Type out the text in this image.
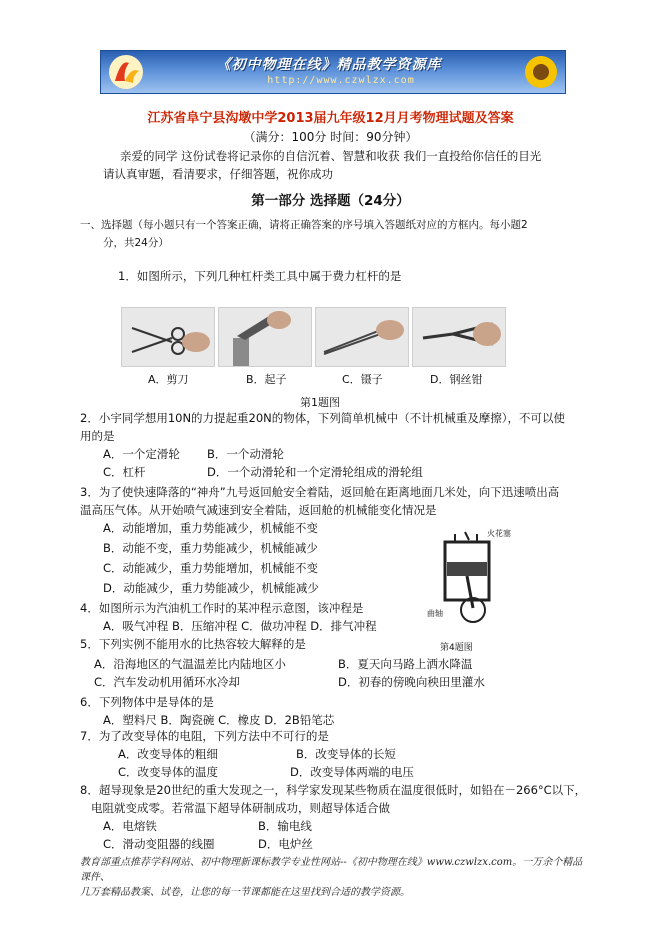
《初中物理在线》精品教学资源库
http://www.czwlzx.com
江苏省阜宁县沟墩中学2013届九年级12月月考物理试题及答案
（满分：100分 时间：90分钟）
亲爱的同学 这份试卷将记录你的自信沉着、智慧和收获 我们一直投给你信任的目光
请认真审题，看清要求，仔细答题，祝你成功
第一部分 选择题（24分）
一、选择题（每小题只有一个答案正确，请将正确答案的序号填入答题纸对应的方框内。每小题2
分，共24分）
1．如图所示，下列几种杠杆类工具中属于费力杠杆的是
A．剪刀	B．起子	C．镊子	D．钢丝钳
第1题图
2．小宇同学想用10N的力提起重20N的物体，下列简单机械中（不计机械重及摩擦），不可以使
用的是
A．一个定滑轮 B．一个动滑轮
C．杠杆	D．一个动滑轮和一个定滑轮组成的滑轮组
3．为了使快速降落的“神舟”九号返回舱安全着陆，返回舱在距离地面几米处，向下迅速喷出高
温高压气体。从开始喷气减速到安全着陆，返回舱的机械能变化情况是
A．动能增加，重力势能减少，机械能不变
B．动能不变，重力势能减少，机械能减少
C．动能减少，重力势能增加，机械能不变
D．动能减少，重力势能减少，机械能减少
火花塞
曲轴
4．如图所示为汽油机工作时的某冲程示意图，该冲程是
A．吸气冲程 B．压缩冲程 C．做功冲程 D．排气冲程
第4题图
5．下列实例不能用水的比热容较大解释的是
A．沿海地区的气温温差比内陆地区小	B．夏天向马路上洒水降温
C．汽车发动机用循环水冷却	D．初春的傍晚向秧田里灌水
6．下列物体中是导体的是
A．塑料尺 B．陶瓷碗 C．橡皮 D．2B铅笔芯
7．为了改变导体的电阻，下列方法中不可行的是
A．改变导体的粗细	B．改变导体的长短
C．改变导体的温度	D．改变导体两端的电压
8．超导现象是20世纪的重大发现之一，科学家发现某些物质在温度很低时，如铅在－266°C以下，
电阻就变成零。若常温下超导体研制成功，则超导体适合做
A．电熔铁	B．输电线
C．滑动变阻器的线圈	D．电炉丝
教育部重点推荐学科网站、初中物理新课标教学专业性网站--《初中物理在线》www.czwlzx.com。一万余个精品课件、
几万套精品教案、试卷，让您的每一节课都能在这里找到合适的教学资源。
